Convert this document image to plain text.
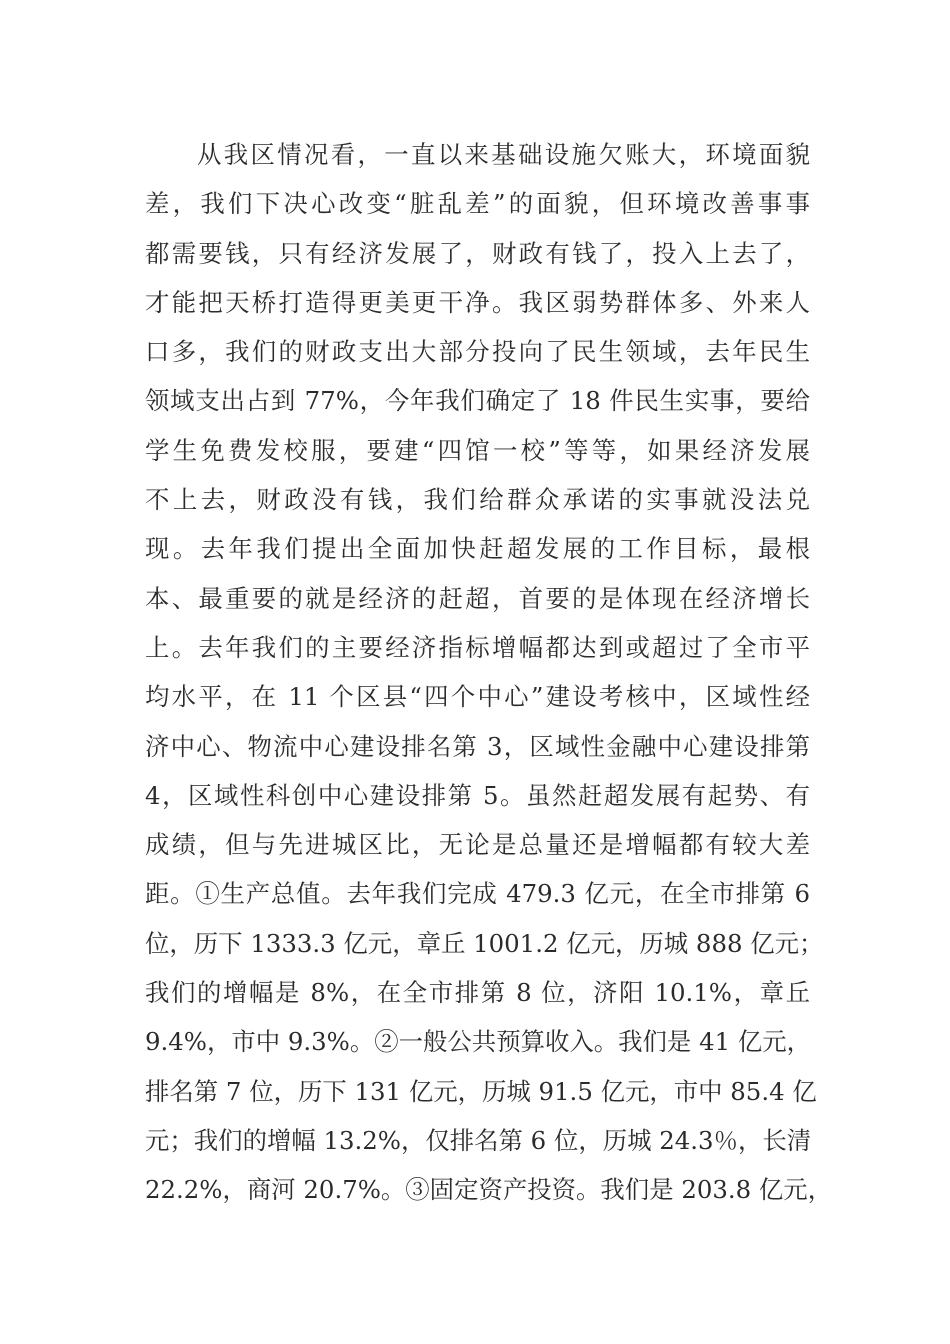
从我区情况看，一直以来基础设施欠账大，环境面貌
差，我们下决心改变“脏乱差”的面貌，但环境改善事事
都需要钱，只有经济发展了，财政有钱了，投入上去了，
才能把天桥打造得更美更干净。我区弱势群体多、外来人
口多，我们的财政支出大部分投向了民生领域，去年民生
领域支出占到 77%，今年我们确定了 18 件民生实事，要给
学生免费发校服，要建“四馆一校”等等，如果经济发展
不上去，财政没有钱，我们给群众承诺的实事就没法兑
现。去年我们提出全面加快赶超发展的工作目标，最根
本、最重要的就是经济的赶超，首要的是体现在经济增长
上。去年我们的主要经济指标增幅都达到或超过了全市平
均水平，在 11 个区县“四个中心”建设考核中，区域性经
济中心、物流中心建设排名第 3，区域性金融中心建设排第
4，区域性科创中心建设排第 5。虽然赶超发展有起势、有
成绩，但与先进城区比，无论是总量还是增幅都有较大差
距。①生产总值。去年我们完成 479.3 亿元，在全市排第 6
位，历下 1333.3 亿元，章丘 1001.2 亿元，历城 888 亿元；
我们的增幅是 8%，在全市排第 8 位，济阳 10.1%，章丘
9.4%，市中 9.3%。②一般公共预算收入。我们是 41 亿元，
排名第 7 位，历下 131 亿元，历城 91.5 亿元，市中 85.4 亿
元；我们的增幅 13.2%，仅排名第 6 位，历城 24.3％，长清
22.2%，商河 20.7%。③固定资产投资。我们是 203.8 亿元，
